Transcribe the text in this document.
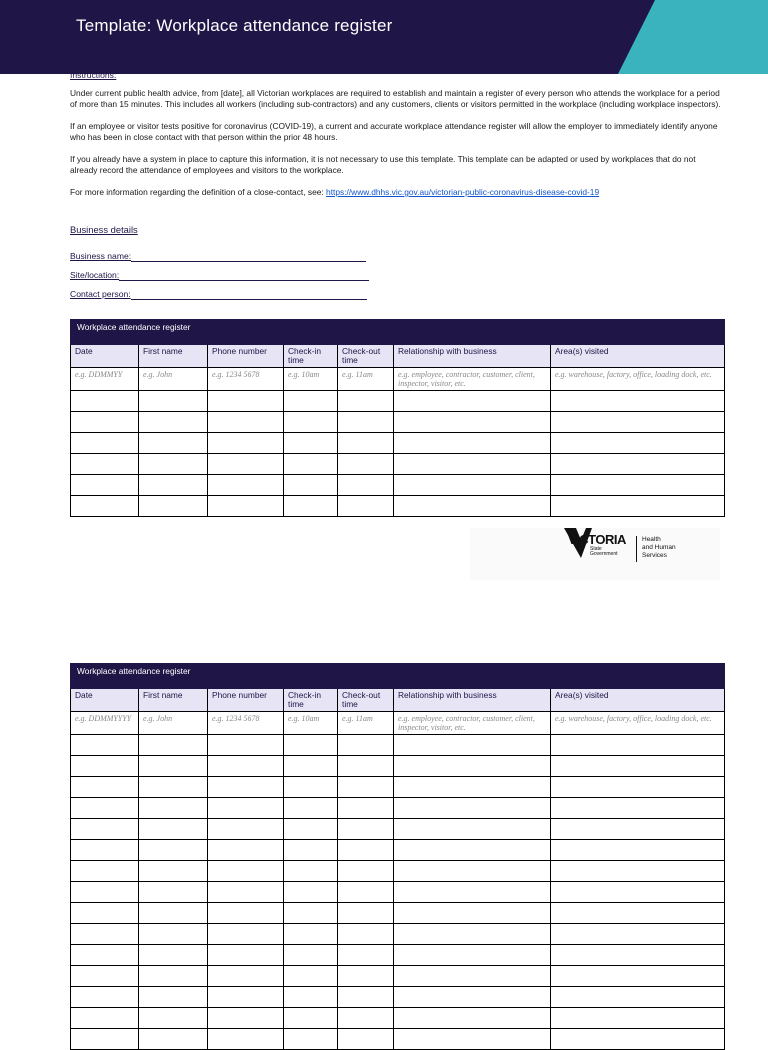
Template: Workplace attendance register
Instructions:

Under current public health advice, from [date], all Victorian workplaces are required to establish and maintain a register of every person who attends the workplace for a period of more than 15 minutes. This includes all workers (including sub-contractors) and any customers, clients or visitors permitted in the workplace (including workplace inspectors).

If an employee or visitor tests positive for coronavirus (COVID-19), a current and accurate workplace attendance register will allow the employer to immediately identify anyone who has been in close contact with that person within the prior 48 hours.

If you already have a system in place to capture this information, it is not necessary to use this template. This template can be adapted or used by workplaces that do not already record the attendance of employees and visitors to the workplace.

For more information regarding the definition of a close-contact, see: https://www.dhhs.vic.gov.au/victorian-public-coronavirus-disease-covid-19

Business details
Business name:
Site/location:
Contact person:
Workplace attendance register						
Date	First name	Phone number	Check-in time	Check-out time	Relationship with business	Area(s) visited
e.g. DDMMYY	e.g. John	e.g. 1234 5678	e.g. 10am	e.g. 11am	e.g. employee, contractor, customer, client, inspector, visitor, etc.	e.g. warehouse, factory, office, loading dock, etc.

VICTORIA
State
Government
Health
and Human
Services
Workplace attendance register						
Date	First name	Phone number	Check-in time	Check-out time	Relationship with business	Area(s) visited
e.g. DDMMYYYY	e.g. John	e.g. 1234 5678	e.g. 10am	e.g. 11am	e.g. employee, contractor, customer, client, inspector, visitor, etc.	e.g. warehouse, factory, office, loading dock, etc.
